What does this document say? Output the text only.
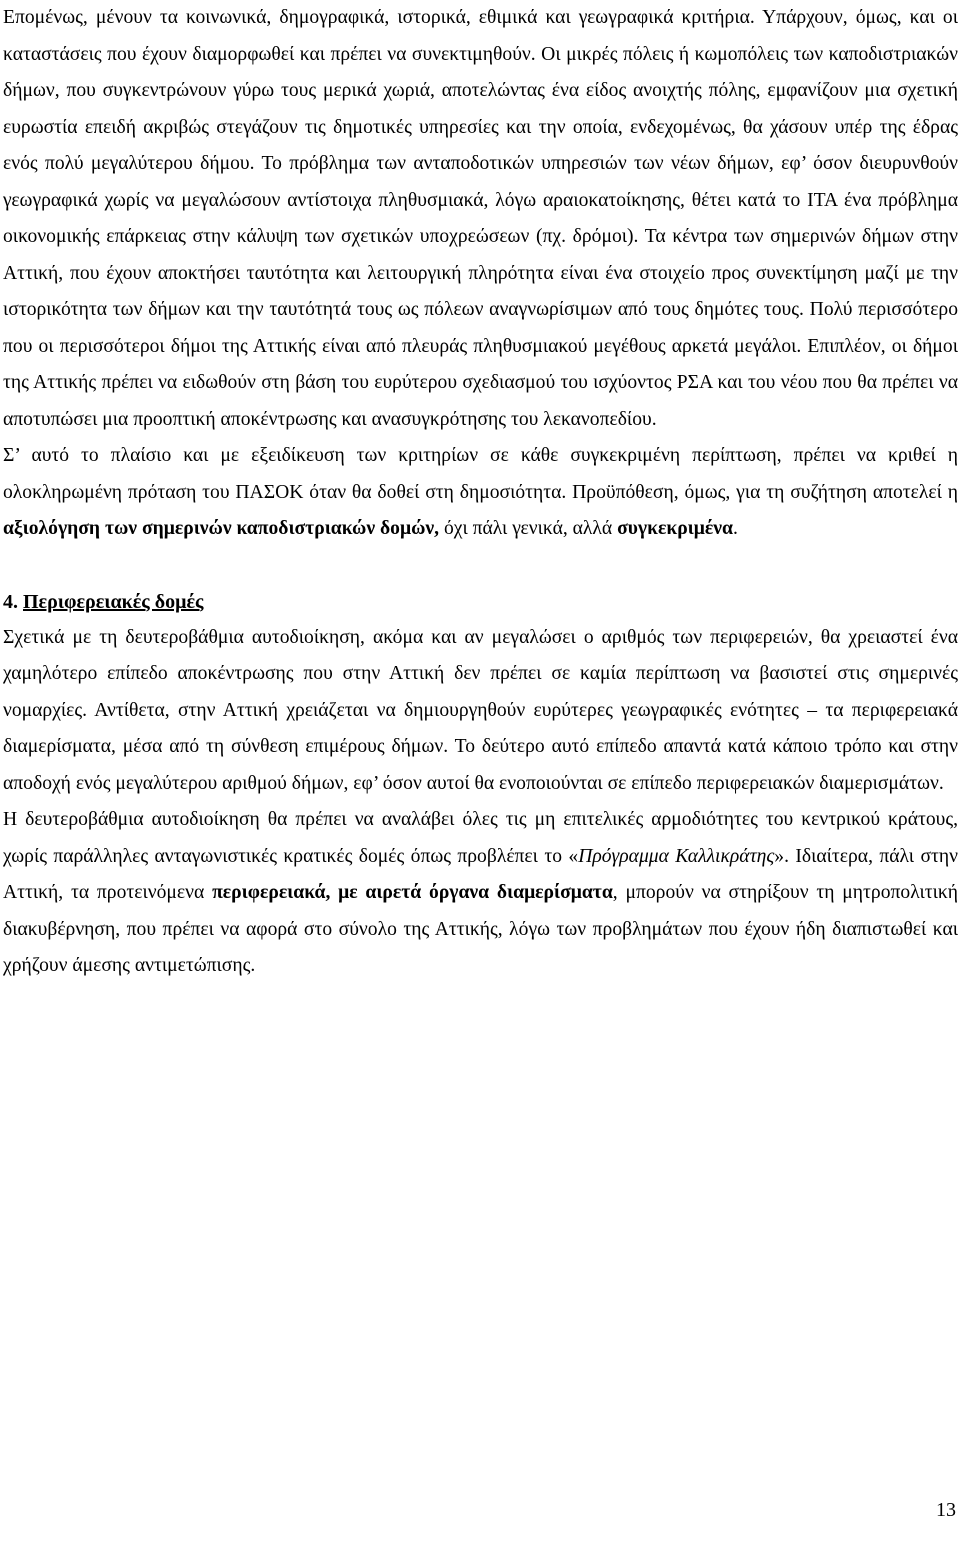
Επομένως, μένουν τα κοινωνικά, δημογραφικά, ιστορικά, εθιμικά και γεωγραφικά κριτήρια. Υπάρχουν, όμως, και οι καταστάσεις που έχουν διαμορφωθεί και πρέπει να συνεκτιμηθούν. Οι μικρές πόλεις ή κωμοπόλεις των καποδιστριακών δήμων, που συγκεντρώνουν γύρω τους μερικά χωριά, αποτελώντας ένα είδος ανοιχτής πόλης, εμφανίζουν μια σχετική ευρωστία επειδή ακριβώς στεγάζουν τις δημοτικές υπηρεσίες και την οποία, ενδεχομένως, θα χάσουν υπέρ της έδρας ενός πολύ μεγαλύτερου δήμου. Το πρόβλημα των ανταποδοτικών υπηρεσιών των νέων δήμων, εφ’ όσον διευρυνθούν γεωγραφικά χωρίς να μεγαλώσουν αντίστοιχα πληθυσμιακά, λόγω αραιοκατοίκησης, θέτει κατά το ΙΤΑ ένα πρόβλημα οικονομικής επάρκειας στην κάλυψη των σχετικών υποχρεώσεων (πχ. δρόμοι). Τα κέντρα των σημερινών δήμων στην Αττική, που έχουν αποκτήσει ταυτότητα και λειτουργική πληρότητα είναι ένα στοιχείο προς συνεκτίμηση μαζί με την ιστορικότητα των δήμων και την ταυτότητά τους ως πόλεων αναγνωρίσιμων από τους δημότες τους. Πολύ περισσότερο που οι περισσότεροι δήμοι της Αττικής είναι από πλευράς πληθυσμιακού μεγέθους αρκετά μεγάλοι. Επιπλέον, οι δήμοι της Αττικής πρέπει να ειδωθούν στη βάση του ευρύτερου σχεδιασμού του ισχύοντος ΡΣΑ και του νέου που θα πρέπει να αποτυπώσει μια προοπτική αποκέντρωσης και ανασυγκρότησης του λεκανοπεδίου.

Σ’ αυτό το πλαίσιο και με εξειδίκευση των κριτηρίων σε κάθε συγκεκριμένη περίπτωση, πρέπει να κριθεί η ολοκληρωμένη πρόταση του ΠΑΣΟΚ όταν θα δοθεί στη δημοσιότητα. Προϋπόθεση, όμως, για τη συζήτηση αποτελεί η αξιολόγηση των σημερινών καποδιστριακών δομών, όχι πάλι γενικά, αλλά συγκεκριμένα.

4. Περιφερειακές δομές

Σχετικά με τη δευτεροβάθμια αυτοδιοίκηση, ακόμα και αν μεγαλώσει ο αριθμός των περιφερειών, θα χρειαστεί ένα χαμηλότερο επίπεδο αποκέντρωσης που στην Αττική δεν πρέπει σε καμία περίπτωση να βασιστεί στις σημερινές νομαρχίες. Αντίθετα, στην Αττική χρειάζεται να δημιουργηθούν ευρύτερες γεωγραφικές ενότητες – τα περιφερειακά διαμερίσματα, μέσα από τη σύνθεση επιμέρους δήμων. Το δεύτερο αυτό επίπεδο απαντά κατά κάποιο τρόπο και στην αποδοχή ενός μεγαλύτερου αριθμού δήμων, εφ’ όσον αυτοί θα ενοποιούνται σε επίπεδο περιφερειακών διαμερισμάτων.

Η δευτεροβάθμια αυτοδιοίκηση θα πρέπει να αναλάβει όλες τις μη επιτελικές αρμοδιότητες του κεντρικού κράτους, χωρίς παράλληλες ανταγωνιστικές κρατικές δομές όπως προβλέπει το «Πρόγραμμα Καλλικράτης». Ιδιαίτερα, πάλι στην Αττική, τα προτεινόμενα περιφερειακά, με αιρετά όργανα διαμερίσματα, μπορούν να στηρίξουν τη μητροπολιτική διακυβέρνηση, που πρέπει να αφορά στο σύνολο της Αττικής, λόγω των προβλημάτων που έχουν ήδη διαπιστωθεί και χρήζουν άμεσης αντιμετώπισης.

13
